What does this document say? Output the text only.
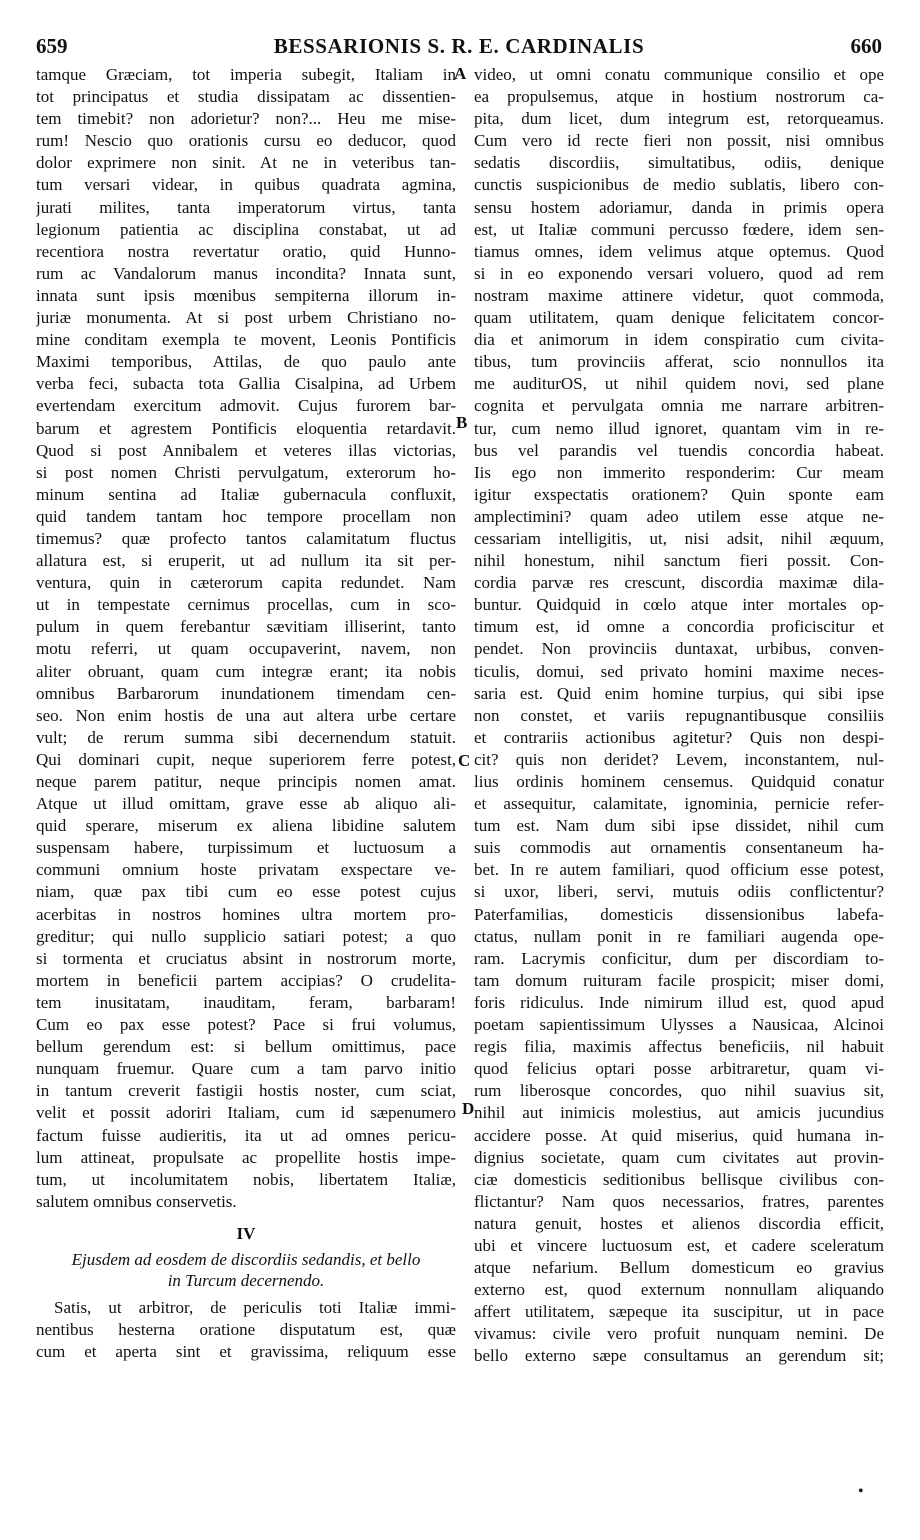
659	BESSARIONIS S. R. E. CARDINALIS	660
tamque Græciam, tot imperia subegit, Italiam in
tot principatus et studia dissipatam ac dissentien-
tem timebit? non adorietur? non?... Heu me mise-
rum! Nescio quo orationis cursu eo deducor, quod
dolor exprimere non sinit. At ne in veteribus tan-
tum versari videar, in quibus quadrata agmina,
jurati milites, tanta imperatorum virtus, tanta
legionum patientia ac disciplina constabat, ut ad
recentiora nostra revertatur oratio, quid Hunno-
rum ac Vandalorum manus incondita? Innata sunt,
innata sunt ipsis mœnibus sempiterna illorum in-
juriæ monumenta. At si post urbem Christiano no-
mine conditam exempla te movent, Leonis Pontificis
Maximi temporibus, Attilas, de quo paulo ante
verba feci, subacta tota Gallia Cisalpina, ad Urbem
evertendam exercitum admovit. Cujus furorem bar-
barum et agrestem Pontificis eloquentia retardavit.
Quod si post Annibalem et veteres illas victorias,
si post nomen Christi pervulgatum, exterorum ho-
minum sentina ad Italiæ gubernacula confluxit,
quid tandem tantam hoc tempore procellam non
timemus? quæ profecto tantos calamitatum fluctus
allatura est, si eruperit, ut ad nullum ita sit per-
ventura, quin in cæterorum capita redundet. Nam
ut in tempestate cernimus procellas, cum in sco-
pulum in quem ferebantur sævitiam illiserint, tanto
motu referri, ut quam occupaverint, navem, non
aliter obruant, quam cum integræ erant; ita nobis
omnibus Barbarorum inundationem timendam cen-
seo. Non enim hostis de una aut altera urbe certare
vult; de rerum summa sibi decernendum statuit.
Qui dominari cupit, neque superiorem ferre potest,
neque parem patitur, neque principis nomen amat.
Atque ut illud omittam, grave esse ab aliquo ali-
quid sperare, miserum ex aliena libidine salutem
suspensam habere, turpissimum et luctuosum a
communi omnium hoste privatam exspectare ve-
niam, quæ pax tibi cum eo esse potest cujus
acerbitas in nostros homines ultra mortem pro-
greditur; qui nullo supplicio satiari potest; a quo
si tormenta et cruciatus absint in nostrorum morte,
mortem in beneficii partem accipias? O crudelita-
tem inusitatam, inauditam, feram, barbaram!
Cum eo pax esse potest? Pace si frui volumus,
bellum gerendum est: si bellum omittimus, pace
nunquam fruemur. Quare cum a tam parvo initio
in tantum creverit fastigii hostis noster, cum sciat,
velit et possit adoriri Italiam, cum id sæpenumero
factum fuisse audieritis, ita ut ad omnes pericu-
lum attineat, propulsate ac propellite hostis impe-
tum, ut incolumitatem nobis, libertatem Italiæ,
salutem omnibus conservetis.
IV
Ejusdem ad eosdem de discordiis sedandis, et bello
in Turcum decernendo.
Satis, ut arbitror, de periculis toti Italiæ immi-
nentibus hesterna oratione disputatum est, quæ
cum et aperta sint et gravissima, reliquum esse
video, ut omni conatu communique consilio et ope
ea propulsemus, atque in hostium nostrorum ca-
pita, dum licet, dum integrum est, retorqueamus.
Cum vero id recte fieri non possit, nisi omnibus
sedatis discordiis, simultatibus, odiis, denique
cunctis suspicionibus de medio sublatis, libero con-
sensu hostem adoriamur, danda in primis opera
est, ut Italiæ communi percusso fœdere, idem sen-
tiamus omnes, idem velimus atque optemus. Quod
si in eo exponendo versari voluero, quod ad rem
nostram maxime attinere videtur, quot commoda,
quam utilitatem, quam denique felicitatem concor-
dia et animorum in idem conspiratio cum civita-
tibus, tum provinciis afferat, scio nonnullos ita
me auditurOS, ut nihil quidem novi, sed plane
cognita et pervulgata omnia me narrare arbitren-
tur, cum nemo illud ignoret, quantam vim in re-
bus vel parandis vel tuendis concordia habeat.
Iis ego non immerito responderim: Cur meam
igitur exspectatis orationem? Quin sponte eam
amplectimini? quam adeo utilem esse atque ne-
cessariam intelligitis, ut, nisi adsit, nihil æquum,
nihil honestum, nihil sanctum fieri possit. Con-
cordia parvæ res crescunt, discordia maximæ dila-
buntur. Quidquid in cœlo atque inter mortales op-
timum est, id omne a concordia proficiscitur et
pendet. Non provinciis duntaxat, urbibus, conven-
ticulis, domui, sed privato homini maxime neces-
saria est. Quid enim homine turpius, qui sibi ipse
non constet, et variis repugnantibusque consiliis
et contrariis actionibus agitetur? Quis non despi-
cit? quis non deridet? Levem, inconstantem, nul-
lius ordinis hominem censemus. Quidquid conatur
et assequitur, calamitate, ignominia, pernicie refer-
tum est. Nam dum sibi ipse dissidet, nihil cum
suis commodis aut ornamentis consentaneum ha-
bet. In re autem familiari, quod officium esse potest,
si uxor, liberi, servi, mutuis odiis conflictentur?
Paterfamilias, domesticis dissensionibus labefa-
ctatus, nullam ponit in re familiari augenda ope-
ram. Lacrymis conficitur, dum per discordiam to-
tam domum ruituram facile prospicit; miser domi,
foris ridiculus. Inde nimirum illud est, quod apud
poetam sapientissimum Ulysses a Nausicaa, Alcinoi
regis filia, maximis affectus beneficiis, nil habuit
quod felicius optari posse arbitraretur, quam vi-
rum liberosque concordes, quo nihil suavius sit,
nihil aut inimicis molestius, aut amicis jucundius
accidere posse. At quid miserius, quid humana in-
dignius societate, quam cum civitates aut provin-
ciæ domesticis seditionibus bellisque civilibus con-
flictantur? Nam quos necessarios, fratres, parentes
natura genuit, hostes et alienos discordia efficit,
ubi et vincere luctuosum est, et cadere sceleratum
atque nefarium. Bellum domesticum eo gravius
externo est, quod externum nonnullam aliquando
affert utilitatem, sæpeque ita suscipitur, ut in pace
vivamus: civile vero profuit nunquam nemini. De
bello externo sæpe consultamus an gerendum sit;
A
B
C
D
•
